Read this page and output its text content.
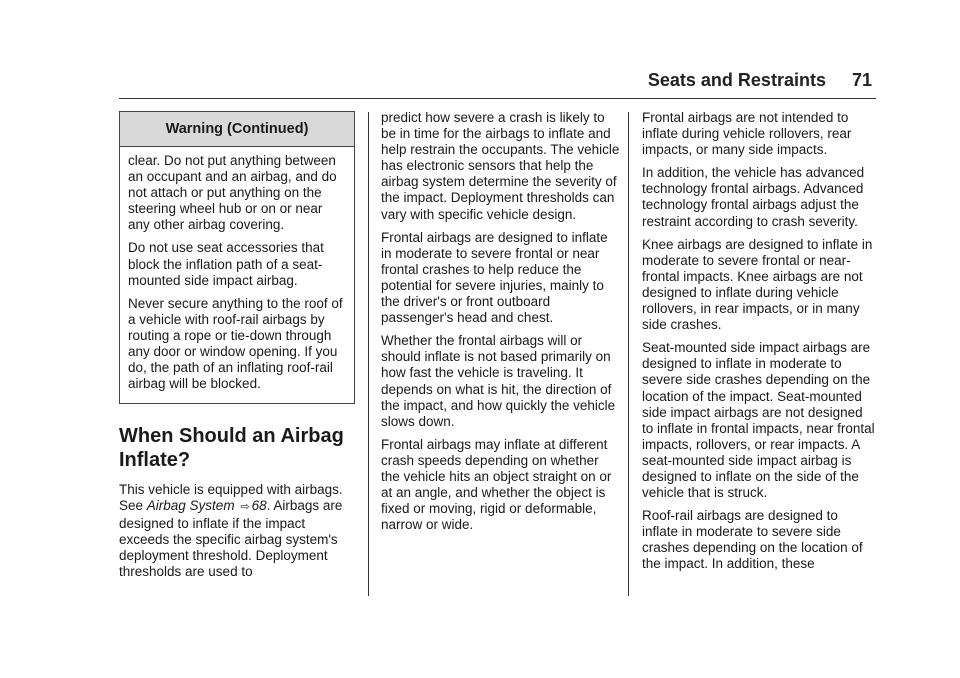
Seats and Restraints 71
Warning (Continued)

clear. Do not put anything between an occupant and an airbag, and do not attach or put anything on the steering wheel hub or on or near any other airbag covering.

Do not use seat accessories that block the inflation path of a seat-mounted side impact airbag.

Never secure anything to the roof of a vehicle with roof-rail airbags by routing a rope or tie-down through any door or window opening. If you do, the path of an inflating roof-rail airbag will be blocked.

When Should an Airbag Inflate?

This vehicle is equipped with airbags. See Airbag System ⇨ 68. Airbags are designed to inflate if the impact exceeds the specific airbag system's deployment threshold. Deployment thresholds are used to

predict how severe a crash is likely to be in time for the airbags to inflate and help restrain the occupants. The vehicle has electronic sensors that help the airbag system determine the severity of the impact. Deployment thresholds can vary with specific vehicle design.

Frontal airbags are designed to inflate in moderate to severe frontal or near frontal crashes to help reduce the potential for severe injuries, mainly to the driver's or front outboard passenger's head and chest.

Whether the frontal airbags will or should inflate is not based primarily on how fast the vehicle is traveling. It depends on what is hit, the direction of the impact, and how quickly the vehicle slows down.

Frontal airbags may inflate at different crash speeds depending on whether the vehicle hits an object straight on or at an angle, and whether the object is fixed or moving, rigid or deformable, narrow or wide.

Frontal airbags are not intended to inflate during vehicle rollovers, rear impacts, or many side impacts.

In addition, the vehicle has advanced technology frontal airbags. Advanced technology frontal airbags adjust the restraint according to crash severity.

Knee airbags are designed to inflate in moderate to severe frontal or near-frontal impacts. Knee airbags are not designed to inflate during vehicle rollovers, in rear impacts, or in many side crashes.

Seat-mounted side impact airbags are designed to inflate in moderate to severe side crashes depending on the location of the impact. Seat-mounted side impact airbags are not designed to inflate in frontal impacts, near frontal impacts, rollovers, or rear impacts. A seat-mounted side impact airbag is designed to inflate on the side of the vehicle that is struck.

Roof-rail airbags are designed to inflate in moderate to severe side crashes depending on the location of the impact. In addition, these
